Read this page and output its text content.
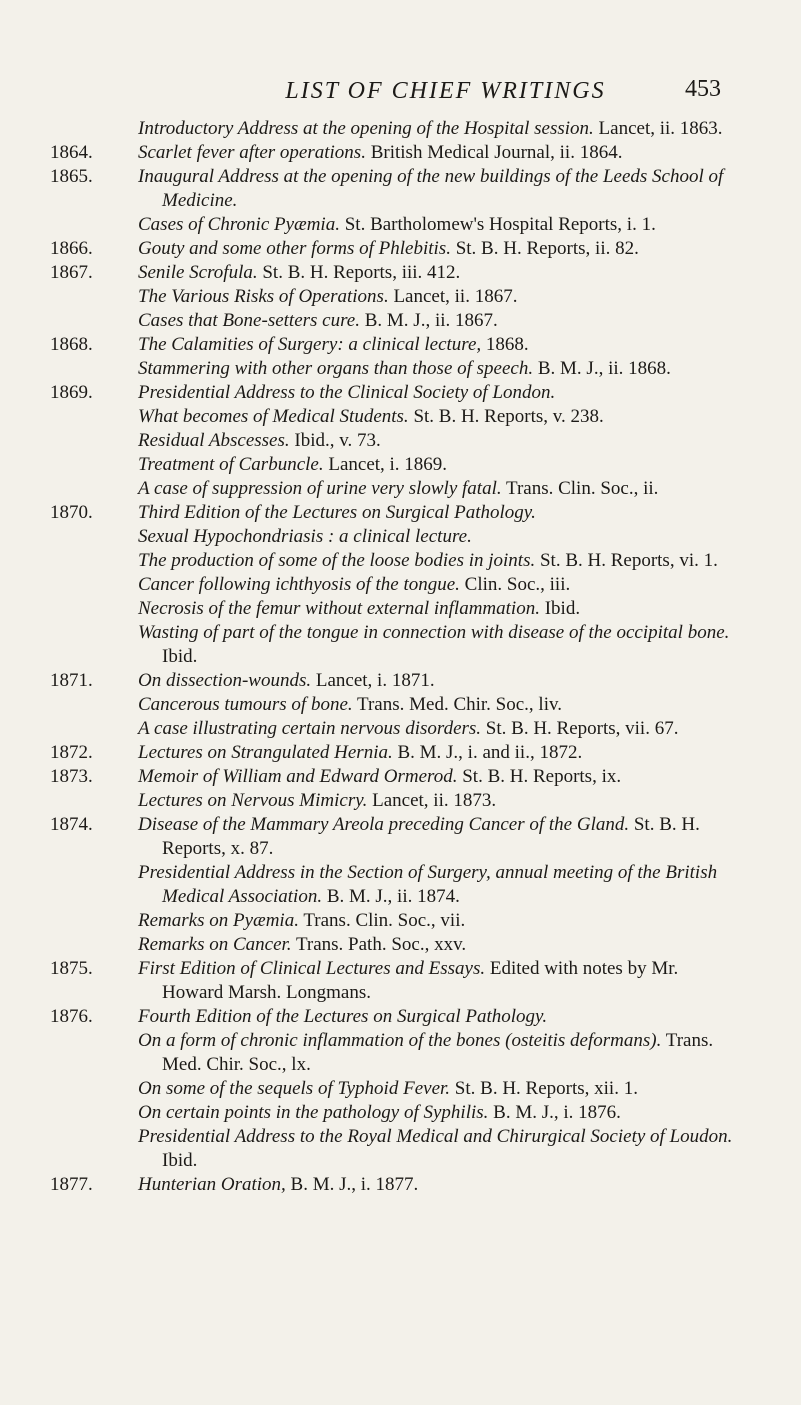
LIST OF CHIEF WRITINGS	453
Introductory Address at the opening of the Hospital session. Lancet, ii. 1863.
1864.	Scarlet fever after operations. British Medical Journal, ii. 1864.
1865.	Inaugural Address at the opening of the new buildings of the Leeds School of Medicine.
Cases of Chronic Pyæmia. St. Bartholomew's Hospital Reports, i. 1.
1866.	Gouty and some other forms of Phlebitis. St. B. H. Reports, ii. 82.
1867.	Senile Scrofula. St. B. H. Reports, iii. 412.
The Various Risks of Operations. Lancet, ii. 1867.
Cases that Bone-setters cure. B. M. J., ii. 1867.
1868.	The Calamities of Surgery: a clinical lecture, 1868.
Stammering with other organs than those of speech. B. M. J., ii. 1868.
1869.	Presidential Address to the Clinical Society of London.
What becomes of Medical Students. St. B. H. Reports, v. 238.
Residual Abscesses. Ibid., v. 73.
Treatment of Carbuncle. Lancet, i. 1869.
A case of suppression of urine very slowly fatal. Trans. Clin. Soc., ii.
1870.	Third Edition of the Lectures on Surgical Pathology.
Sexual Hypochondriasis : a clinical lecture.
The production of some of the loose bodies in joints. St. B. H. Reports, vi. 1.
Cancer following ichthyosis of the tongue. Clin. Soc., iii.
Necrosis of the femur without external inflammation. Ibid.
Wasting of part of the tongue in connection with disease of the occipital bone. Ibid.
1871.	On dissection-wounds. Lancet, i. 1871.
Cancerous tumours of bone. Trans. Med. Chir. Soc., liv.
A case illustrating certain nervous disorders. St. B. H. Reports, vii. 67.
1872.	Lectures on Strangulated Hernia. B. M. J., i. and ii., 1872.
1873.	Memoir of William and Edward Ormerod. St. B. H. Reports, ix.
Lectures on Nervous Mimicry. Lancet, ii. 1873.
1874.	Disease of the Mammary Areola preceding Cancer of the Gland. St. B. H. Reports, x. 87.
Presidential Address in the Section of Surgery, annual meeting of the British Medical Association. B. M. J., ii. 1874.
Remarks on Pyæmia. Trans. Clin. Soc., vii.
Remarks on Cancer. Trans. Path. Soc., xxv.
1875.	First Edition of Clinical Lectures and Essays. Edited with notes by Mr. Howard Marsh. Longmans.
1876.	Fourth Edition of the Lectures on Surgical Pathology.
On a form of chronic inflammation of the bones (osteitis deformans). Trans. Med. Chir. Soc., lx.
On some of the sequels of Typhoid Fever. St. B. H. Reports, xii. 1.
On certain points in the pathology of Syphilis. B. M. J., i. 1876.
Presidential Address to the Royal Medical and Chirurgical Society of Loudon. Ibid.
1877.	Hunterian Oration, B. M. J., i. 1877.
